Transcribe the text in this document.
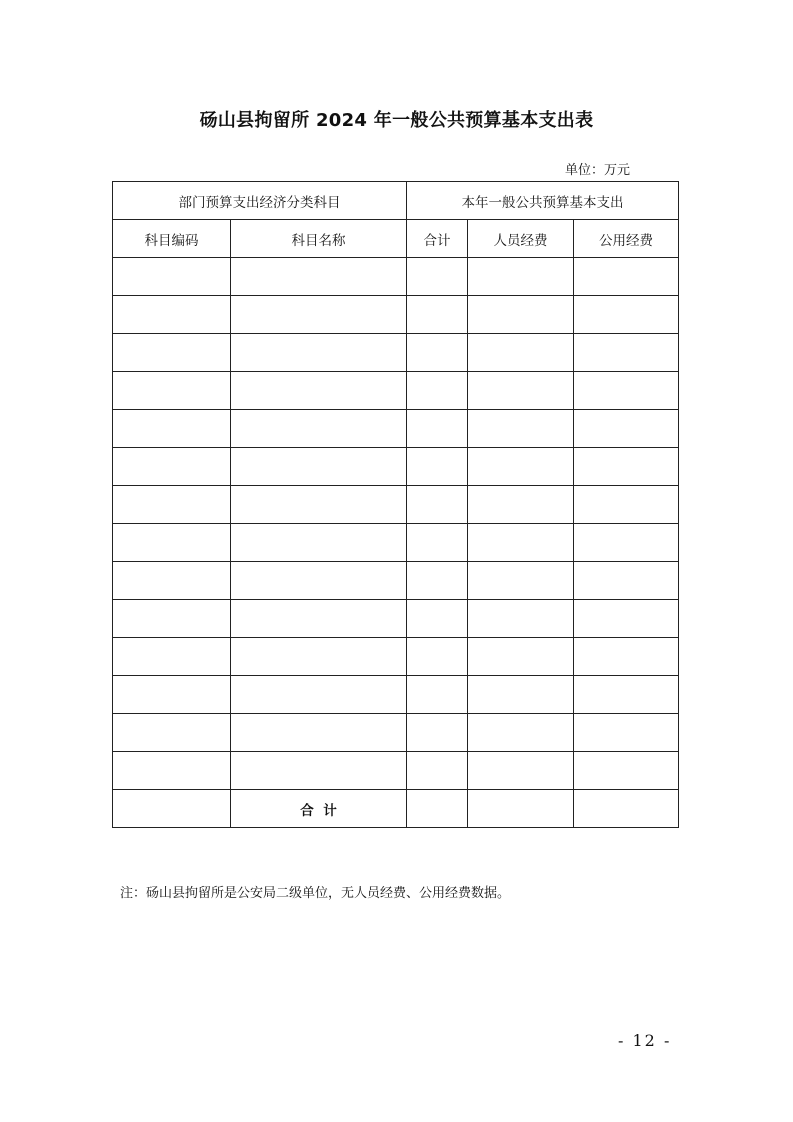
砀山县拘留所 2024 年一般公共预算基本支出表
单位：万元
部门预算支出经济分类科目		本年一般公共预算基本支出		
科目编码	科目名称	合计	人员经费	公用经费

	合  计			
注：砀山县拘留所是公安局二级单位，无人员经费、公用经费数据。
- 12 -
